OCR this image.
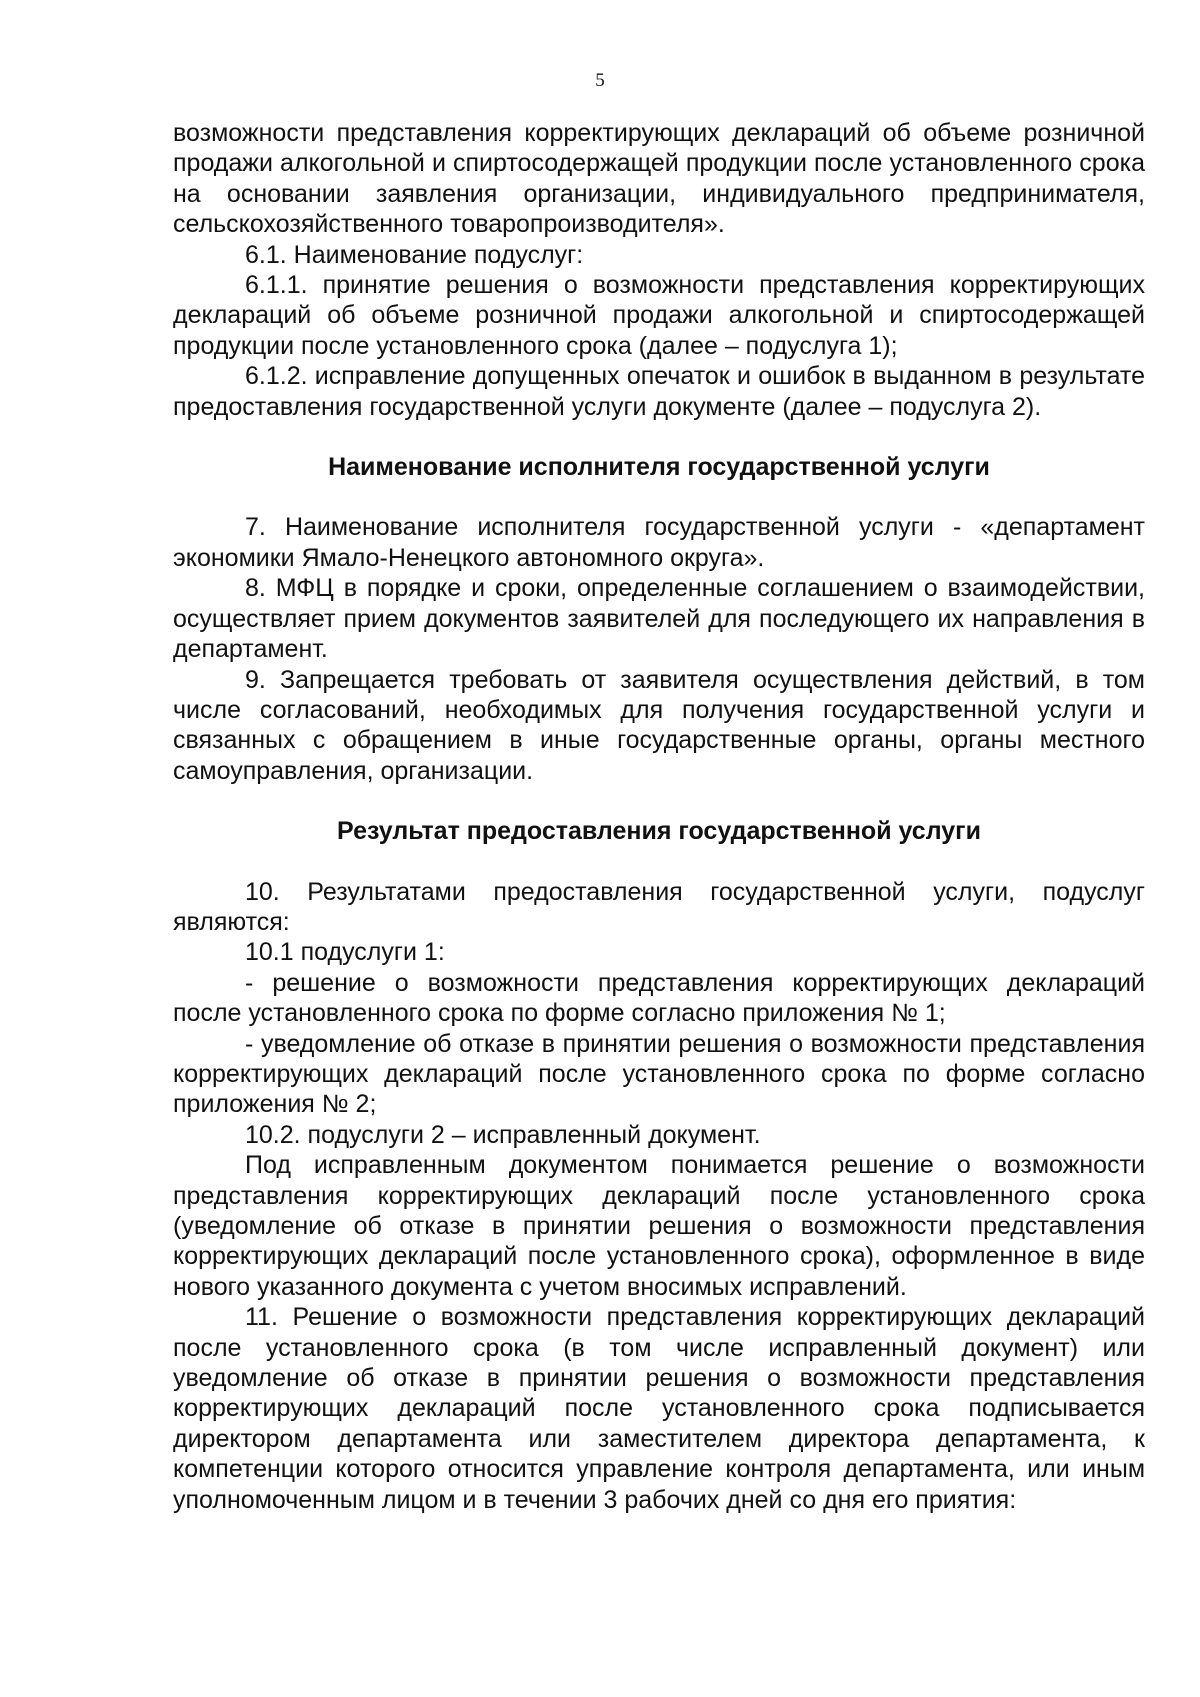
5

возможности представления корректирующих деклараций об объеме розничной продажи алкогольной и спиртосодержащей продукции после установленного срока на основании заявления организации, индивидуального предпринимателя, сельскохозяйственного товаропроизводителя».

6.1. Наименование подуслуг:

6.1.1. принятие решения о возможности представления корректирующих деклараций об объеме розничной продажи алкогольной и спиртосодержащей продукции после установленного срока (далее – подуслуга 1);

6.1.2. исправление допущенных опечаток и ошибок в выданном в результате предоставления государственной услуги документе (далее – подуслуга 2).

Наименование исполнителя государственной услуги

7. Наименование исполнителя государственной услуги - «департамент экономики Ямало-Ненецкого автономного округа».

8. МФЦ в порядке и сроки, определенные соглашением о взаимодействии, осуществляет прием документов заявителей для последующего их направления в департамент.

9. Запрещается требовать от заявителя осуществления действий, в том числе согласований, необходимых для получения государственной услуги и связанных с обращением в иные государственные органы, органы местного самоуправления, организации.

Результат предоставления государственной услуги

10. Результатами предоставления государственной услуги, подуслуг являются:

10.1 подуслуги 1:

- решение о возможности представления корректирующих деклараций после установленного срока по форме согласно приложения № 1;

- уведомление об отказе в принятии решения о возможности представления корректирующих деклараций после установленного срока по форме согласно приложения № 2;

10.2. подуслуги 2 – исправленный документ.

Под исправленным документом понимается решение о возможности представления корректирующих деклараций после установленного срока (уведомление об отказе в принятии решения о возможности представления корректирующих деклараций после установленного срока), оформленное в виде нового указанного документа с учетом вносимых исправлений.

11. Решение о возможности представления корректирующих деклараций после установленного срока (в том числе исправленный документ) или уведомление об отказе в принятии решения о возможности представления корректирующих деклараций после установленного срока подписывается директором департамента или заместителем директора департамента, к компетенции которого относится управление контроля департамента, или иным уполномоченным лицом и в течении 3 рабочих дней со дня его приятия:
